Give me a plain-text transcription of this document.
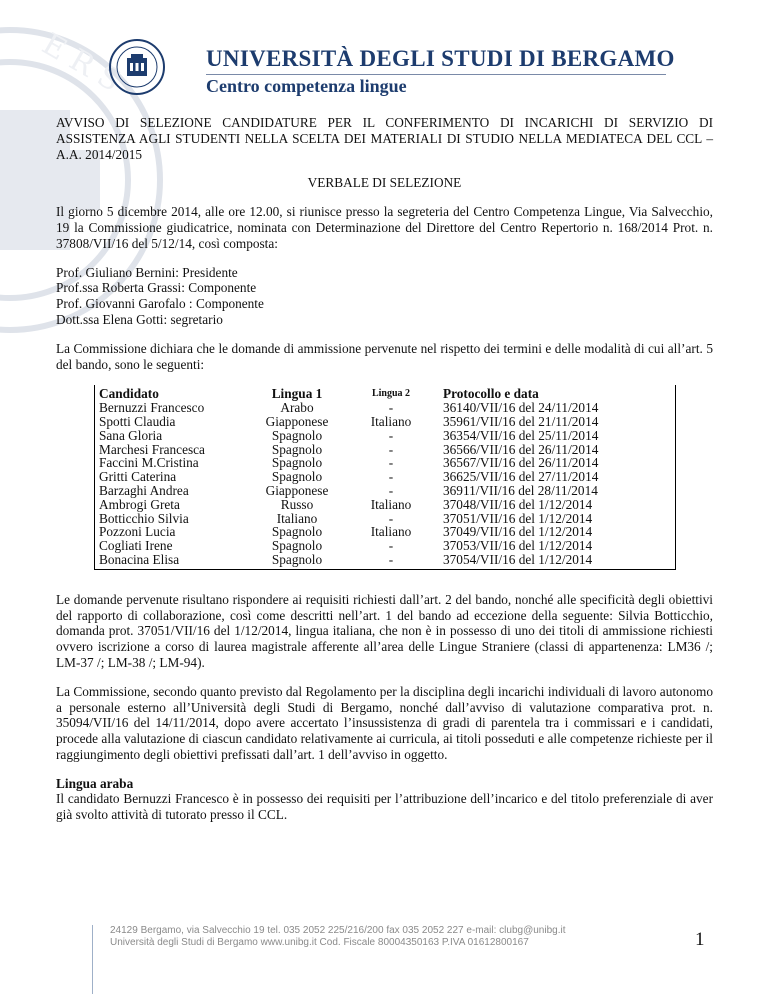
E R S	UNIVERSITÀ DEGLI STUDI DI BERGAMO
Centro competenza lingue

AVVISO DI SELEZIONE CANDIDATURE PER IL CONFERIMENTO DI INCARICHI DI SERVIZIO DI ASSISTENZA AGLI STUDENTI NELLA SCELTA DEI MATERIALI DI STUDIO NELLA MEDIATECA DEL CCL – A.A. 2014/2015

VERBALE DI SELEZIONE

Il giorno 5 dicembre 2014, alle ore 12.00, si riunisce presso la segreteria del Centro Competenza Lingue, Via Salvecchio, 19 la Commissione giudicatrice, nominata con Determinazione del Direttore del Centro Repertorio n. 168/2014 Prot. n. 37808/VII/16 del 5/12/14, così composta:

Prof. Giuliano Bernini: Presidente
Prof.ssa Roberta Grassi: Componente
Prof. Giovanni Garofalo : Componente
Dott.ssa Elena Gotti: segretario

La Commissione dichiara che le domande di ammissione pervenute nel rispetto dei termini e delle modalità di cui all’art. 5 del bando, sono le seguenti:

Candidato	Lingua 1	Lingua 2	Protocollo e data
Bernuzzi Francesco	Arabo	-	36140/VII/16 del 24/11/2014
Spotti Claudia	Giapponese	Italiano	35961/VII/16 del 21/11/2014
Sana Gloria	Spagnolo	-	36354/VII/16 del 25/11/2014
Marchesi Francesca	Spagnolo	-	36566/VII/16 del 26/11/2014
Faccini M.Cristina	Spagnolo	-	36567/VII/16 del 26/11/2014
Gritti Caterina	Spagnolo	-	36625/VII/16 del 27/11/2014
Barzaghi Andrea	Giapponese	-	36911/VII/16 del 28/11/2014
Ambrogi Greta	Russo	Italiano	37048/VII/16 del 1/12/2014
Botticchio Silvia	Italiano	-	37051/VII/16 del 1/12/2014
Pozzoni Lucia	Spagnolo	Italiano	37049/VII/16 del 1/12/2014
Cogliati Irene	Spagnolo	-	37053/VII/16 del 1/12/2014
Bonacina Elisa	Spagnolo	-	37054/VII/16 del 1/12/2014

Le domande pervenute risultano rispondere ai requisiti richiesti dall’art. 2 del bando, nonché alle specificità degli obiettivi del rapporto di collaborazione, così come descritti nell’art. 1 del bando ad eccezione della seguente: Silvia Botticchio, domanda prot. 37051/VII/16 del 1/12/2014, lingua italiana, che non è in possesso di uno dei titoli di ammissione richiesti ovvero iscrizione a corso di laurea magistrale afferente all’area delle Lingue Straniere (classi di appartenenza: LM36 /; LM-37 /; LM-38 /; LM-94).

La Commissione, secondo quanto previsto dal Regolamento per la disciplina degli incarichi individuali di lavoro autonomo a personale esterno all’Università degli Studi di Bergamo, nonché dall’avviso di valutazione comparativa prot. n. 35094/VII/16 del 14/11/2014, dopo avere accertato l’insussistenza di gradi di parentela tra i commissari e i candidati, procede alla valutazione di ciascun candidato relativamente ai curricula, ai titoli posseduti e alle competenze richieste per il raggiungimento degli obiettivi prefissati dall’art. 1 dell’avviso in oggetto.

Lingua araba

Il candidato Bernuzzi Francesco è in possesso dei requisiti per l’attribuzione dell’incarico e del titolo preferenziale di aver già svolto attività di tutorato presso il CCL.

24129 Bergamo, via Salvecchio 19 tel. 035 2052 225/216/200 fax 035 2052 227 e-mail: clubg@unibg.it
Università degli Studi di Bergamo www.unibg.it Cod. Fiscale 80004350163 P.IVA 01612800167	1
